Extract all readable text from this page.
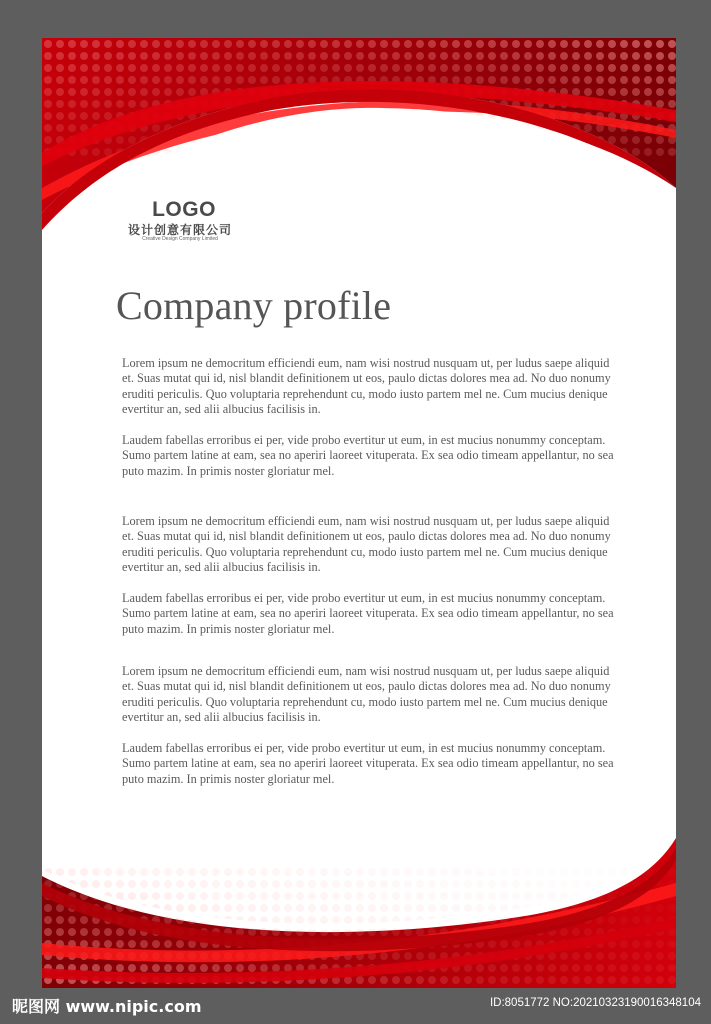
LOGO
设计创意有限公司
Creative Design Company Limited
Company profile

Lorem ipsum ne democritum efficiendi eum, nam wisi nostrud nusquam ut, per ludus saepe aliquid et. Suas mutat qui id, nisl blandit definitionem ut eos, paulo dictas dolores mea ad. No duo nonumy eruditi periculis. Quo voluptaria reprehendunt cu, modo iusto partem mel ne. Cum mucius denique evertitur an, sed alii albucius facilisis in.

Laudem fabellas erroribus ei per, vide probo evertitur ut eum, in est mucius nonummy conceptam. Sumo partem latine at eam, sea no aperiri laoreet vituperata. Ex sea odio timeam appellantur, no sea puto mazim. In primis noster gloriatur mel.

Lorem ipsum ne democritum efficiendi eum, nam wisi nostrud nusquam ut, per ludus saepe aliquid et. Suas mutat qui id, nisl blandit definitionem ut eos, paulo dictas dolores mea ad. No duo nonumy eruditi periculis. Quo voluptaria reprehendunt cu, modo iusto partem mel ne. Cum mucius denique evertitur an, sed alii albucius facilisis in.

Laudem fabellas erroribus ei per, vide probo evertitur ut eum, in est mucius nonummy conceptam. Sumo partem latine at eam, sea no aperiri laoreet vituperata. Ex sea odio timeam appellantur, no sea puto mazim. In primis noster gloriatur mel.

Lorem ipsum ne democritum efficiendi eum, nam wisi nostrud nusquam ut, per ludus saepe aliquid et. Suas mutat qui id, nisl blandit definitionem ut eos, paulo dictas dolores mea ad. No duo nonumy eruditi periculis. Quo voluptaria reprehendunt cu, modo iusto partem mel ne. Cum mucius denique evertitur an, sed alii albucius facilisis in.

Laudem fabellas erroribus ei per, vide probo evertitur ut eum, in est mucius nonummy conceptam. Sumo partem latine at eam, sea no aperiri laoreet vituperata. Ex sea odio timeam appellantur, no sea puto mazim. In primis noster gloriatur mel.

昵图网 www.nipic.com	ID:8051772 NO:20210323190016348104
